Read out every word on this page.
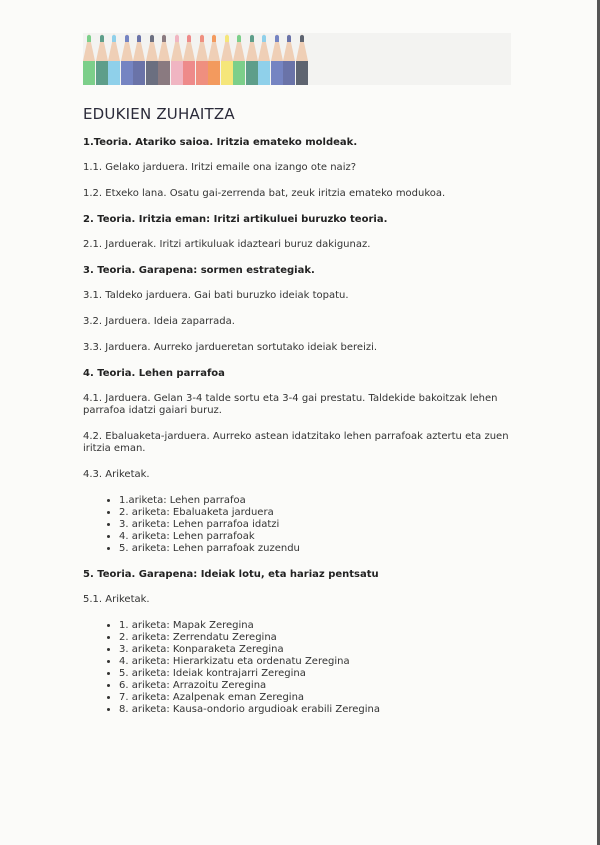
EDUKIEN ZUHAITZA
1.Teoria. Atariko saioa. Iritzia emateko moldeak.
1.1. Gelako jarduera. Iritzi emaile ona izango ote naiz?
1.2. Etxeko lana. Osatu gai-zerrenda bat, zeuk iritzia emateko modukoa.
2. Teoria. Iritzia eman: Iritzi artikuluei buruzko teoria.
2.1. Jarduerak. Iritzi artikuluak idazteari buruz dakigunaz.
3. Teoria. Garapena: sormen estrategiak.
3.1. Taldeko jarduera. Gai bati buruzko ideiak topatu.
3.2. Jarduera. Ideia zaparrada.
3.3. Jarduera. Aurreko jardueretan sortutako ideiak bereizi.
4. Teoria. Lehen parrafoa
4.1. Jarduera. Gelan 3-4 talde sortu eta 3-4 gai prestatu. Taldekide bakoitzak lehen parrafoa idatzi gaiari buruz.
4.2. Ebaluaketa-jarduera. Aurreko astean idatzitako lehen parrafoak aztertu eta zuen iritzia eman.
4.3. Ariketak.
• 1.ariketa: Lehen parrafoa
• 2. ariketa: Ebaluaketa jarduera
• 3. ariketa: Lehen parrafoa idatzi
• 4. ariketa: Lehen parrafoak
• 5. ariketa: Lehen parrafoak zuzendu
5. Teoria. Garapena: Ideiak lotu, eta hariaz pentsatu
5.1. Ariketak.
• 1. ariketa: Mapak Zeregina
• 2. ariketa: Zerrendatu Zeregina
• 3. ariketa: Konparaketa Zeregina
• 4. ariketa: Hierarkizatu eta ordenatu Zeregina
• 5. ariketa: Ideiak kontrajarri Zeregina
• 6. ariketa: Arrazoitu Zeregina
• 7. ariketa: Azalpenak eman Zeregina
• 8. ariketa: Kausa-ondorio argudioak erabili Zeregina
